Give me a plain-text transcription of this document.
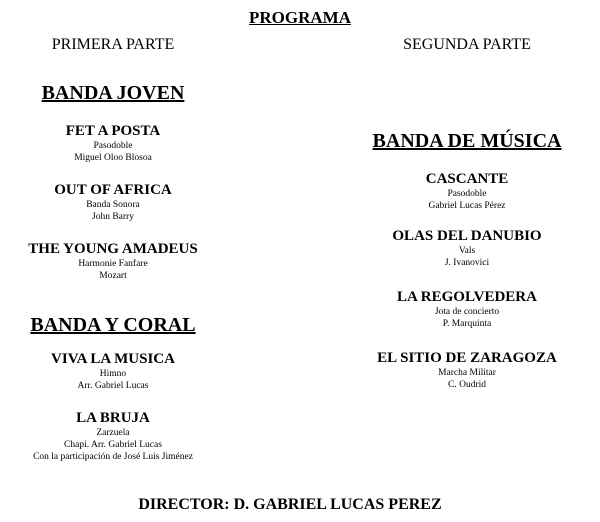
PROGRAMA
PRIMERA PARTE	SEGUNDA PARTE
BANDA JOVEN
FET A POSTA
Pasodoble
Miguel Oloo Blosoa
OUT OF AFRICA
Banda Sonora
John Barry
THE YOUNG AMADEUS
Harmonie Fanfare
Mozart
BANDA Y CORAL
VIVA LA MUSICA
Himno
Arr. Gabriel Lucas
LA BRUJA
Zarzuela
Chapi. Arr. Gabriel Lucas
Con la participación de José Luis Jiménez
BANDA DE MÚSICA
CASCANTE
Pasodoble
Gabriel Lucas Pérez
OLAS DEL DANUBIO
Vals
J. Ivanovici
LA REGOLVEDERA
Jota de concierto
P. Marquinta
EL SITIO DE ZARAGOZA
Marcha Militar
C. Oudrid
DIRECTOR: D. GABRIEL LUCAS PEREZ
